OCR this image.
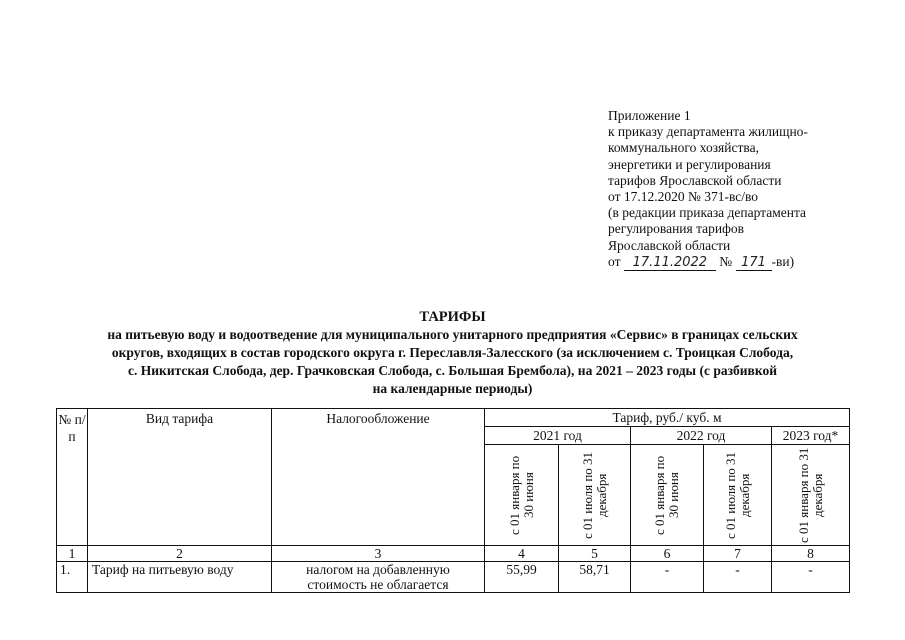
Приложение 1
к приказу департамента жилищно-
коммунального хозяйства,
энергетики и регулирования
тарифов Ярославской области
от 17.12.2020 № 371-вс/во
(в редакции приказа департамента
регулирования тарифов
Ярославской области
от 17.11.2022 № 171 -ви)
ТАРИФЫ
на питьевую воду и водоотведение для муниципального унитарного предприятия «Сервис» в границах сельских
округов, входящих в состав городского округа г. Переславля-Залесского (за исключением с. Троицкая Слобода,
с. Никитская Слобода, дер. Грачковская Слобода, с. Большая Брембола), на 2021 – 2023 годы (с разбивкой
на календарные периоды)
№ п/п	Вид тарифа	Налогообложение	Тариф, руб./ куб. м				
			2021 год		2022 год		2023 год*

			с 01 января по 30 июня	с 01 июля по 31 декабря	с 01 января по 30 июня	с 01 июля по 31 декабря	с 01 января по 31 декабря

1	2	3	4	5	6	7	8
1.	Тариф на питьевую воду	налогом на добавленную стоимость не облагается	55,99	58,71	-	-	-
